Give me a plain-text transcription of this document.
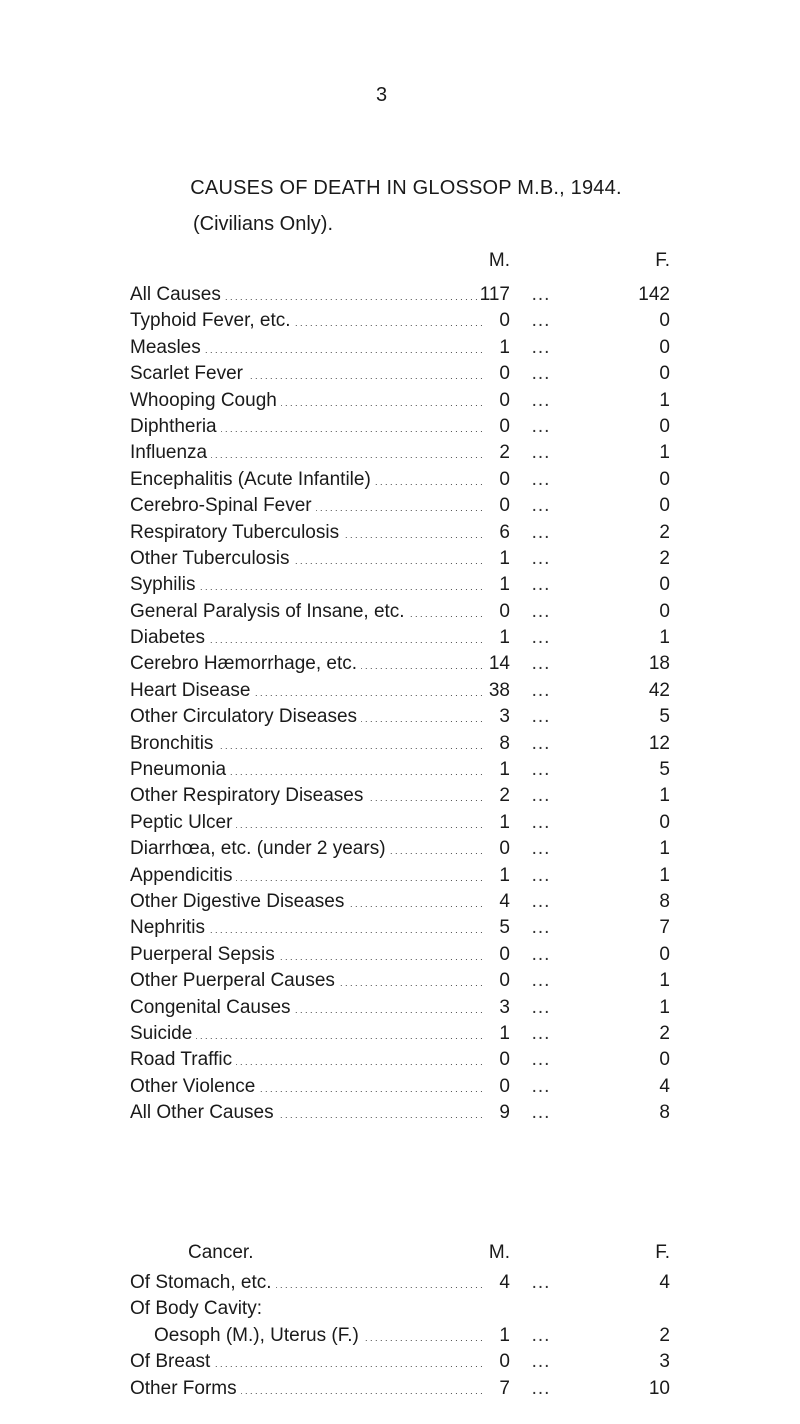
3
CAUSES OF DEATH IN GLOSSOP M.B., 1944.
(Civilians Only).
M.	F.
All Causes . . .	117 ...	142
Typhoid Fever, etc. . . .	0 ...	0
Measles . . .	1 ...	0
Scarlet Fever . . .	0 ...	0
Whooping Cough . . .	0 ...	1
Diphtheria . . .	0 ...	0
Influenza . . .	2 ...	1
Encephalitis (Acute Infantile) . . .	0 ...	0
Cerebro-Spinal Fever . . .	0 ...	0
Respiratory Tuberculosis . . .	6 ...	2
Other Tuberculosis . . .	1 ...	2
Syphilis . . .	1 ...	0
General Paralysis of Insane, etc. . . .	0 ...	0
Diabetes . . .	1 ...	1
Cerebro Hæmorrhage, etc. . . .	14 ...	18
Heart Disease . . .	38 ...	42
Other Circulatory Diseases . . .	3 ...	5
Bronchitis . . .	8 ...	12
Pneumonia . . .	1 ...	5
Other Respiratory Diseases . . .	2 ...	1
Peptic Ulcer . . .	1 ...	0
Diarrhœa, etc. (under 2 years) . . .	0 ...	1
Appendicitis . . .	1 ...	1
Other Digestive Diseases . . .	4 ...	8
Nephritis . . .	5 ...	7
Puerperal Sepsis . . .	0 ...	0
Other Puerperal Causes . . .	0 ...	1
Congenital Causes . . .	3 ...	1
Suicide . . .	1 ...	2
Road Traffic . . .	0 ...	0
Other Violence . . .	0 ...	4
All Other Causes . . .	9 ...	8
Cancer.	M.	F.
Of Stomach, etc. . . .	4 ...	4
Of Body Cavity:
Oesoph (M.), Uterus (F.) . . .	1 ...	2
Of Breast . . .	0 ...	3
Other Forms . . .	7 ...	10
